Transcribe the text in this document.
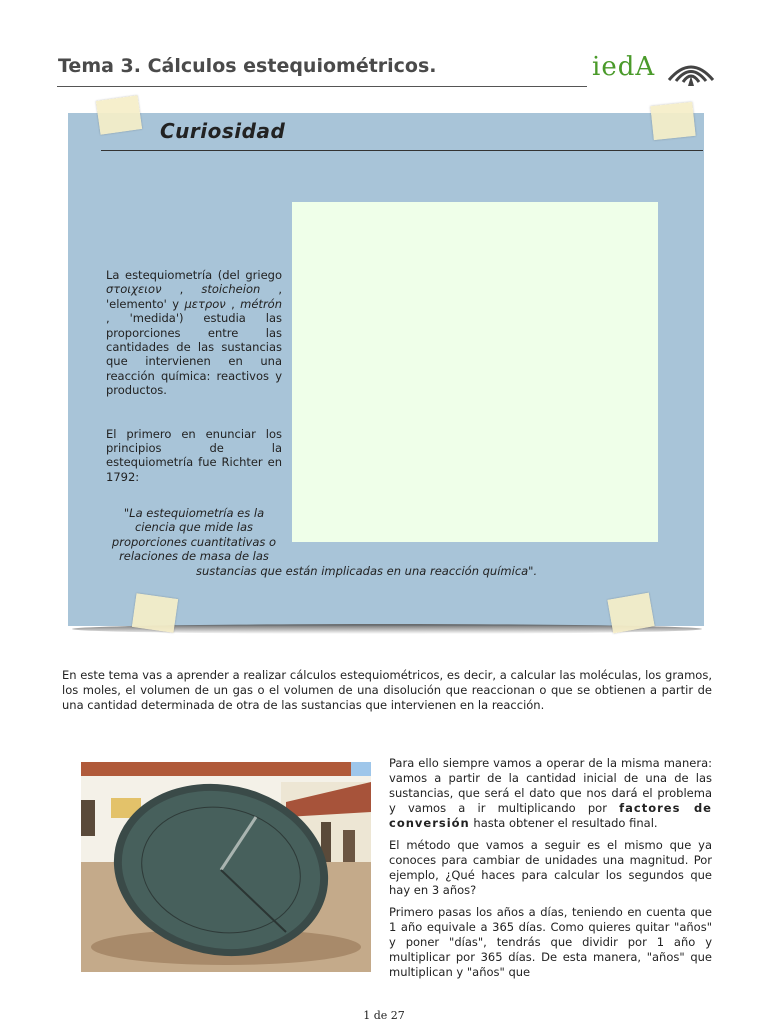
Tema 3. Cálculos estequiométricos.	iedA
Curiosidad

La estequiometría (del griego στοιχειον , stoicheion , 'elemento' y μετρον , métrón , 'medida') estudia las proporciones entre las cantidades de las sustancias que intervienen en una reacción química: reactivos y productos.

El primero en enunciar los principios de la estequiometría fue Richter en 1792:

"La estequiometría es la ciencia que mide las proporciones cuantitativas o relaciones de masa de las
sustancias que están implicadas en una reacción química".
En este tema vas a aprender a realizar cálculos estequiométricos, es decir, a calcular las moléculas, los gramos, los moles, el volumen de un gas o el volumen de una disolución que reaccionan o que se obtienen a partir de una cantidad determinada de otra de las sustancias que intervienen en la reacción.

Para ello siempre vamos a operar de la misma manera: vamos a partir de la cantidad inicial de una de las sustancias, que será el dato que nos dará el problema y vamos a ir multiplicando por factores de conversión hasta obtener el resultado final.

El método que vamos a seguir es el mismo que ya conoces para cambiar de unidades una magnitud. Por ejemplo, ¿Qué haces para calcular los segundos que hay en 3 años?

Primero pasas los años a días, teniendo en cuenta que 1 año equivale a 365 días. Como quieres quitar "años" y poner "días", tendrás que dividir por 1 año y multiplicar por 365 días. De esta manera, "años" que multiplican y "años" que

1 de 27
